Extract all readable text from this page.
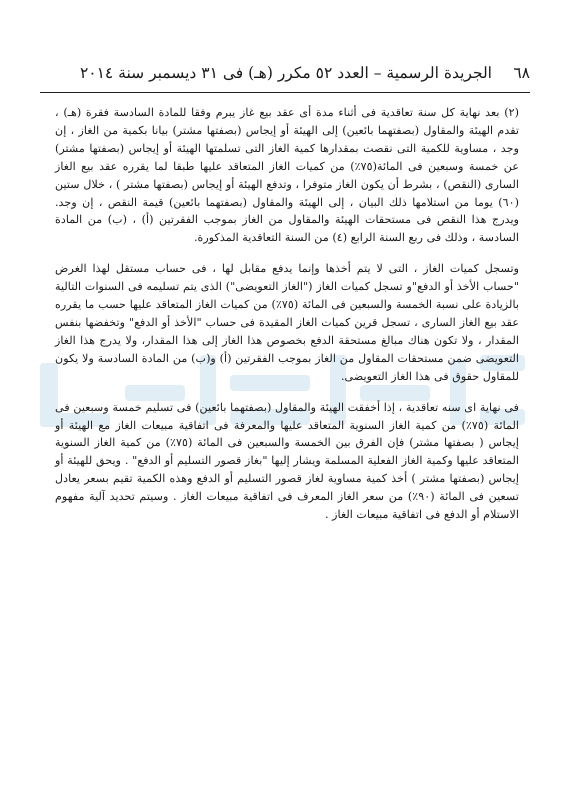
٦٨
الجريدة الرسمية – العدد ٥٢ مكرر (هـ) فى ٣١ ديسمبر سنة ٢٠١٤

(٢) بعد نهاية كل سنة تعاقدية فى أثناء مدة أى عقد بيع غاز يبرم وفقا للمادة السادسة فقرة (هـ) ، تقدم الهيئة والمقاول (بصفتهما بائعين) إلى الهيئة أو إيجاس (بصفتها مشتر) بيانا بكمية من الغاز ، إن وجد ، مساوية للكمية التى نقصت بمقدارها كمية الغاز التى تسلمتها الهيئة أو إيجاس (بصفتها مشتر) عن خمسة وسبعين فى المائة(٧٥٪) من كميات الغاز المتعاقد عليها طبقا لما يقرره عقد بيع الغاز السارى (النقص) ، بشرط أن يكون الغاز متوفرا ، وتدفع الهيئة أو إيجاس (بصفتها مشتر ) ، خلال ستين (٦٠) يوما من استلامها ذلك البيان ، إلى الهيئة والمقاول (بصفتهما بائعين) قيمة النقص ، إن وجد. ويدرج هذا النقص فى مستحقات الهيئة والمقاول من الغاز بموجب الفقرتين (أ) ، (ب) من المادة السادسة ، وذلك فى ربع السنة الرابع (٤) من السنة التعاقدية المذكورة.

وتسجل كميات الغاز ، التى لا يتم أخذها وإنما يدفع مقابل لها ، فى حساب مستقل لهذا الغرض "حساب الأخذ أو الدفع"و تسجل كميات الغاز ("الغاز التعويضى") الذى يتم تسليمه فى السنوات التالية بالزيادة على نسبة الخمسة والسبعين فى المائة (٧٥٪) من كميات الغاز المتعاقد عليها حسب ما يقرره عقد بيع الغاز السارى ، تسجل قرين كميات الغاز المقيدة فى حساب "الأخذ أو الدفع" وتخفضها بنفس المقدار ، ولا تكون هناك مبالغ مستحقة الدفع بخصوص هذا الغاز إلى هذا المقدار، ولا يدرج هذا الغاز التعويضى ضمن مستحقات المقاول من الغاز بموجب الفقرتين (أ) و(ب) من المادة السادسة ولا يكون للمقاول حقوق فى هذا الغاز التعويضى.

فى نهاية اى سنه تعاقدية ، إذا أخفقت الهيئة والمقاول (بصفتهما بائعين) فى تسليم خمسة وسبعين فى المائة (٧٥٪) من كمية الغاز السنوية المتعاقد عليها والمعرفة فى اتفاقية مبيعات الغاز مع الهيئة أو إيجاس ( بصفتها مشتر) فإن الفرق بين الخمسة والسبعين فى المائة (٧٥٪) من كمية الغاز السنوية المتعاقد عليها وكمية الغاز الفعلية المسلمة ويشار إليها "بغاز قصور التسليم أو الدفع" . ويحق للهيئة أو إيجاس (بصفتها مشتر ) أخذ كمية مساوية لغاز قصور التسليم أو الدفع وهذه الكمية تقيم بسعر يعادل تسعين فى المائة (٩٠٪) من سعر الغاز المعرف فى اتفاقية مبيعات الغاز . وسيتم تحديد آلية مفهوم الاستلام أو الدفع فى اتفاقية مبيعات الغاز .
